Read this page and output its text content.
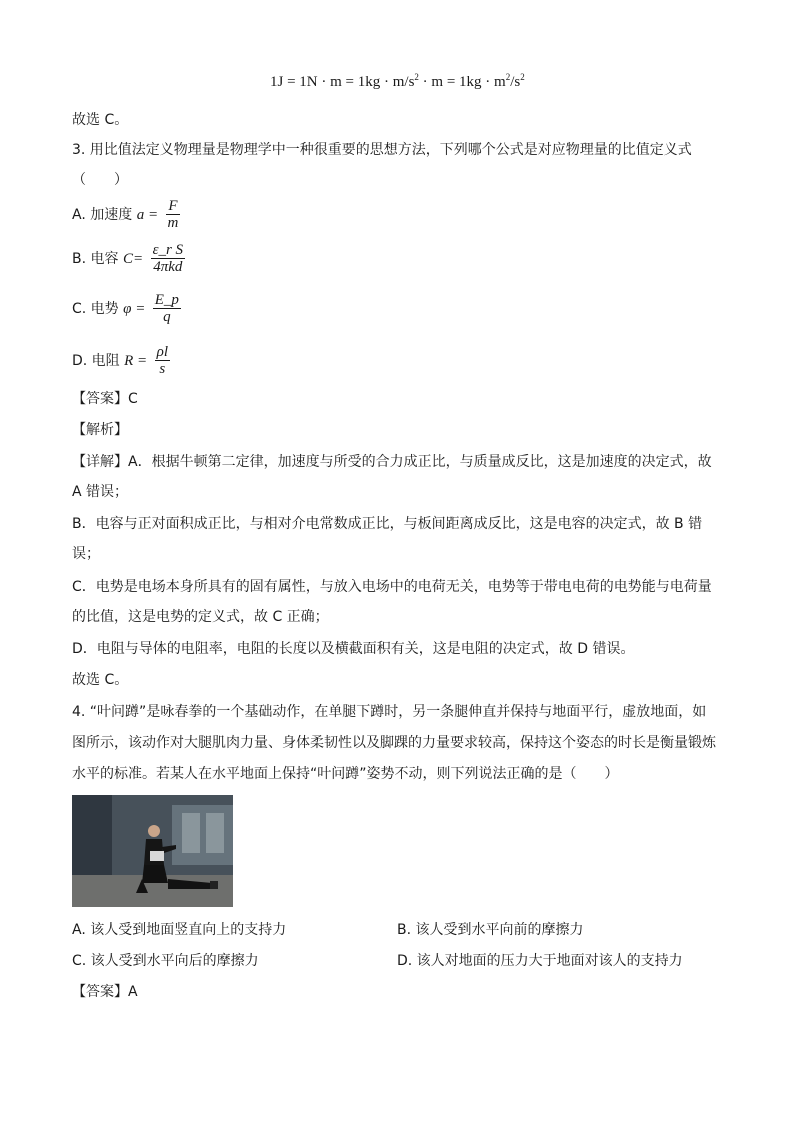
$1J = 1N \cdot m = 1kg \cdot m/s^2 \cdot m = 1kg \cdot m^2/s^2$
故选 C。
3. 用比值法定义物理量是物理学中一种很重要的思想方法，下列哪个公式是对应物理量的比值定义式
（　　）
A. 加速度 $a = \frac{F}{m}$
B. 电容 $C= \frac{\text{ε\_r S}}{\text{4πkd}}$
C. 电势 $\varphi = \frac{E\_p}{q}$
D. 电阻 $R = \frac{\rho l}{s}$
【答案】C
【解析】
【详解】A．根据牛顿第二定律，加速度与所受的合力成正比，与质量成反比，这是加速度的决定式，故
A 错误；
B．电容与正对面积成正比，与相对介电常数成正比，与板间距离成反比，这是电容的决定式，故 B 错
误；
C．电势是电场本身所具有的固有属性，与放入电场中的电荷无关，电势等于带电电荷的电势能与电荷量
的比值，这是电势的定义式，故 C 正确；
D．电阻与导体的电阻率，电阻的长度以及横截面积有关，这是电阻的决定式，故 D 错误。
故选 C。
4. “叶问蹲”是咏春拳的一个基础动作，在单腿下蹲时，另一条腿伸直并保持与地面平行，虚放地面，如
图所示，该动作对大腿肌肉力量、身体柔韧性以及脚踝的力量要求较高，保持这个姿态的时长是衡量锻炼
水平的标准。若某人在水平地面上保持“叶问蹲”姿势不动，则下列说法正确的是（　　）
A. 该人受到地面竖直向上的支持力	B. 该人受到水平向前的摩擦力
C. 该人受到水平向后的摩擦力	D. 该人对地面的压力大于地面对该人的支持力
【答案】A
